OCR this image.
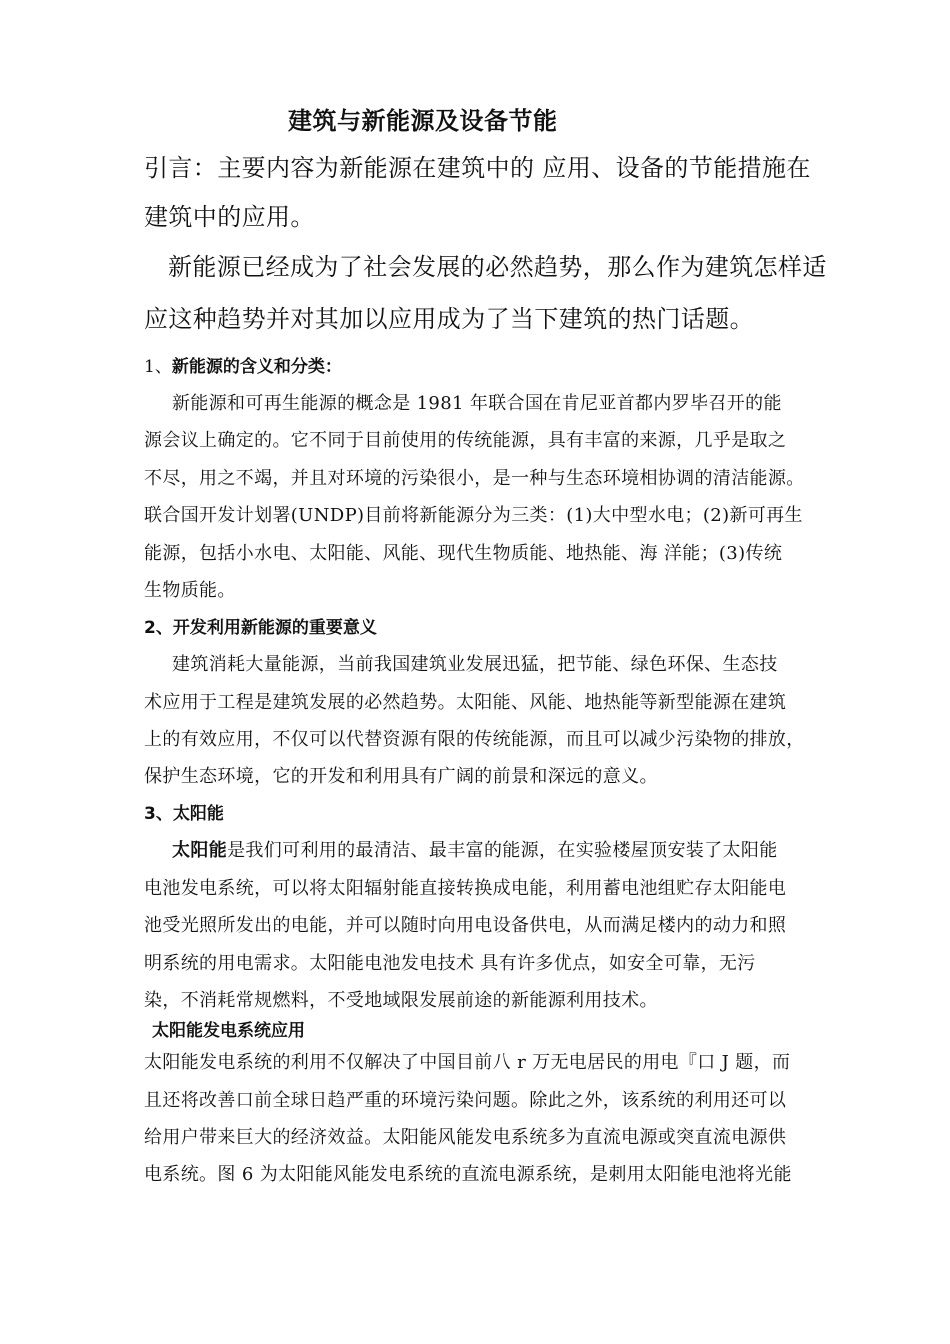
建筑与新能源及设备节能
引言：主要内容为新能源在建筑中的 应用、设备的节能措施在
建筑中的应用。
新能源已经成为了社会发展的必然趋势，那么作为建筑怎样适
应这种趋势并对其加以应用成为了当下建筑的热门话题。
1、新能源的含义和分类：
新能源和可再生能源的概念是 1981 年联合国在肯尼亚首都内罗毕召开的能
源会议上确定的。它不同于目前使用的传统能源，具有丰富的来源，几乎是取之
不尽，用之不竭，并且对环境的污染很小，是一种与生态环境相协调的清洁能源。
联合国开发计划署(UNDP)目前将新能源分为三类：(1)大中型水电；(2)新可再生
能源，包括小水电、太阳能、风能、现代生物质能、地热能、海 洋能；(3)传统
生物质能。
2、开发利用新能源的重要意义
建筑消耗大量能源，当前我国建筑业发展迅猛，把节能、绿色环保、生态技
术应用于工程是建筑发展的必然趋势。太阳能、风能、地热能等新型能源在建筑
上的有效应用，不仅可以代替资源有限的传统能源，而且可以减少污染物的排放，
保护生态环境，它的开发和利用具有广阔的前景和深远的意义。
3、太阳能
太阳能是我们可利用的最清洁、最丰富的能源，在实验楼屋顶安装了太阳能
电池发电系统，可以将太阳辐射能直接转换成电能，利用蓄电池组贮存太阳能电
池受光照所发出的电能，并可以随时向用电设备供电，从而满足楼内的动力和照
明系统的用电需求。太阳能电池发电技术 具有许多优点，如安全可靠，无污
染，不消耗常规燃料，不受地域限发展前途的新能源利用技术。
太阳能发电系统应用
太阳能发电系统的利用不仅解决了中国目前八 r 万无电居民的用电『口 J 题，而
且还将改善口前全球日趋严重的环境污染问题。除此之外，该系统的利用还可以
给用户带来巨大的经济效益。太阳能风能发电系统多为直流电源或突直流电源供
电系统。图 6 为太阳能风能发电系统的直流电源系统，是刺用太阳能电池将光能
